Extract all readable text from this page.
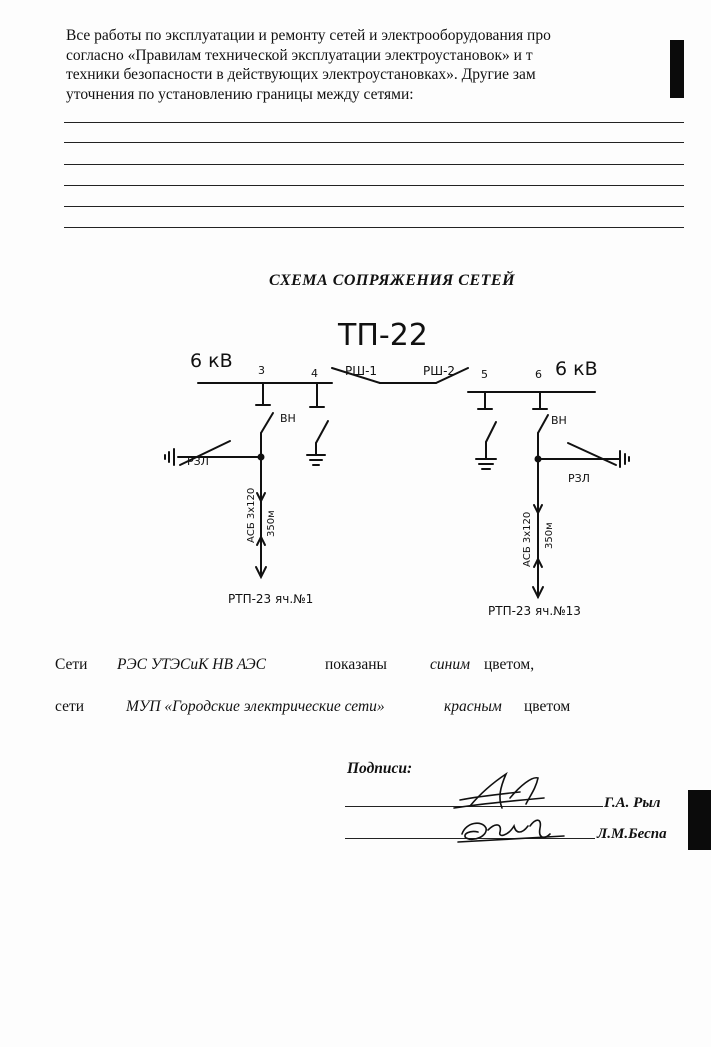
Все работы по эксплуатации и ремонту сетей и электрооборудования про
согласно «Правилам технической эксплуатации электроустановок» и т
техники безопасности в действующих электроустановках». Другие зам
уточнения по установлению границы между сетями:
СХЕМА СОПРЯЖЕНИЯ СЕТЕЙ
ТП-22
6 кВ	6 кВ
3	4	5	6
РШ-1	РШ-2
ВН	ВН
РЗЛ
РЗЛ
АСБ 3х120 350м	АСБ 3х120 350м
РТП-23 яч.№1
РТП-23 яч.№13
Сети РЭС УТЭСиК НВ АЭС	показаны	синим цветом,
сети	МУП «Городские электрические сети»	красным цветом
Подписи:
Г.А. Рыл
Л.М.Беспа
